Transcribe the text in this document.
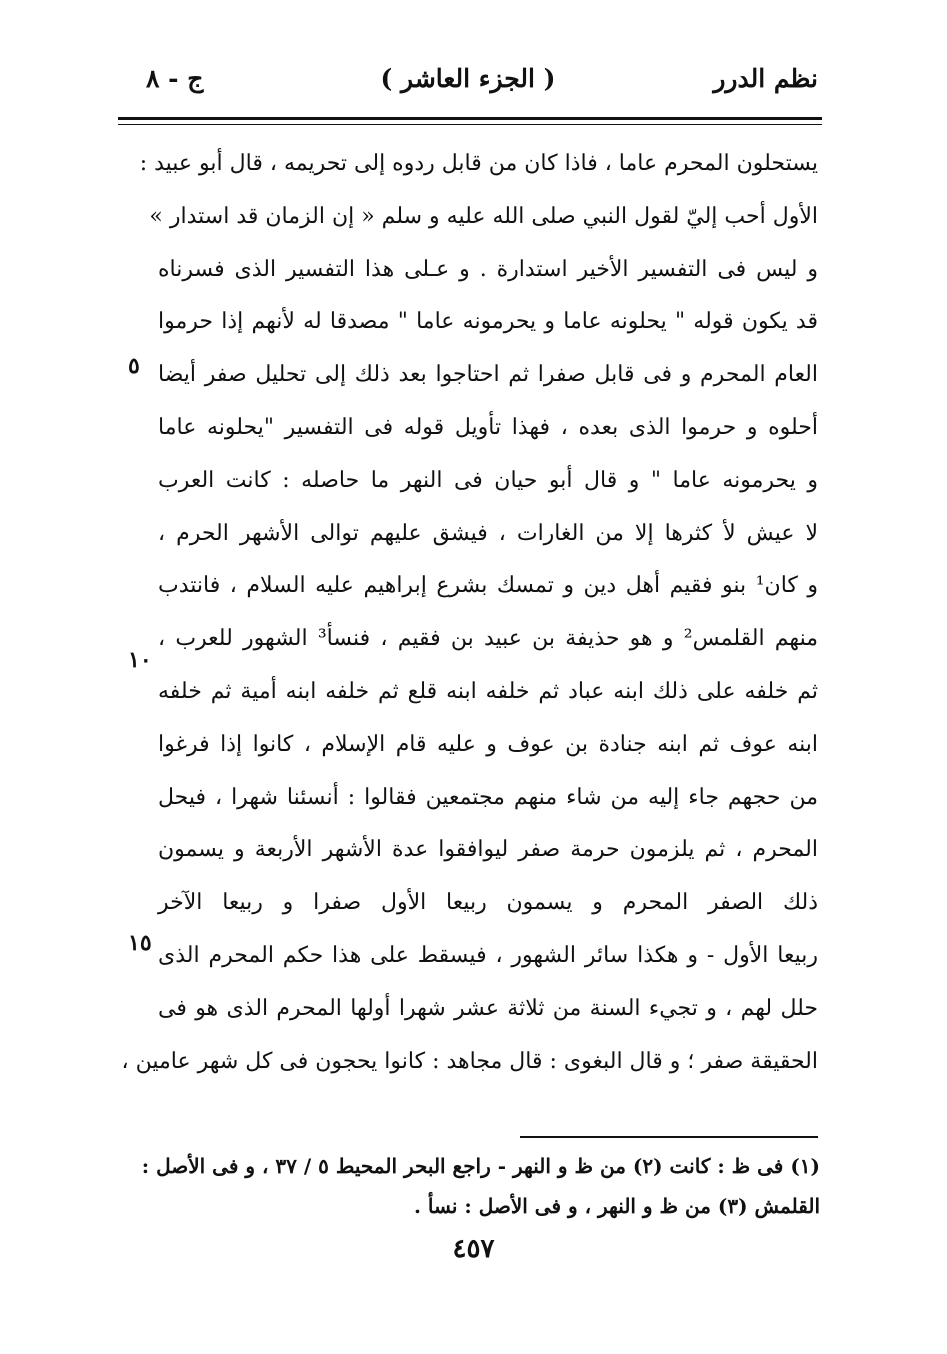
نظم الدرر
( الجزء العاشر )
ج - ٨
يستحلون المحرم عاما ، فاذا كان من قابل ردوه إلى تحريمه ، قال أبو عبيد :
الأول أحب إليّ لقول النبي صلى الله عليه و سلم « إن الزمان قد استدار »
و ليس فى التفسير الأخير استدارة . و عـلى هذا التفسير الذى فسرناه
قد يكون قوله " يحلونه عاما و يحرمونه عاما " مصدقا له لأنهم إذا حرموا
العام المحرم و فى قابل صفرا ثم احتاجوا بعد ذلك إلى تحليل صفر أيضا
أحلوه و حرموا الذى بعده ، فهذا تأويل قوله فى التفسير "يحلونه عاما
و يحرمونه عاما " و قال أبو حيان فى النهر ما حاصله : كانت العرب
لا عيش لأ كثرها إلا من الغارات ، فيشق عليهم توالى الأشهر الحرم ،
و كان¹ بنو فقيم أهل دين و تمسك بشرع إبراهيم عليه السلام ، فانتدب
منهم القلمس² و هو حذيفة بن عبيد بن فقيم ، فنسأ³ الشهور للعرب ،
ثم خلفه على ذلك ابنه عباد ثم خلفه ابنه قلع ثم خلفه ابنه أمية ثم خلفه
ابنه عوف ثم ابنه جنادة بن عوف و عليه قام الإسلام ، كانوا إذا فرغوا
من حجهم جاء إليه من شاء منهم مجتمعين فقالوا : أنسئنا شهرا ، فيحل
المحرم ، ثم يلزمون حرمة صفر ليوافقوا عدة الأشهر الأربعة و يسمون
ذلك الصفر المحرم و يسمون ربيعا الأول صفرا و ربيعا الآخر
ربيعا الأول - و هكذا سائر الشهور ، فيسقط على هذا حكم المحرم الذى
حلل لهم ، و تجيء السنة من ثلاثة عشر شهرا أولها المحرم الذى هو فى
الحقيقة صفر ؛ و قال البغوى : قال مجاهد : كانوا يحجون فى كل شهر عامين ،
٥
١٠
١٥
(١) فى ظ : كانت (٢) من ظ و النهر - راجع البحر المحيط ٥ / ٣٧ ، و فى الأصل :
القلمش (٣) من ظ و النهر ، و فى الأصل : نسأ .
٤٥٧
